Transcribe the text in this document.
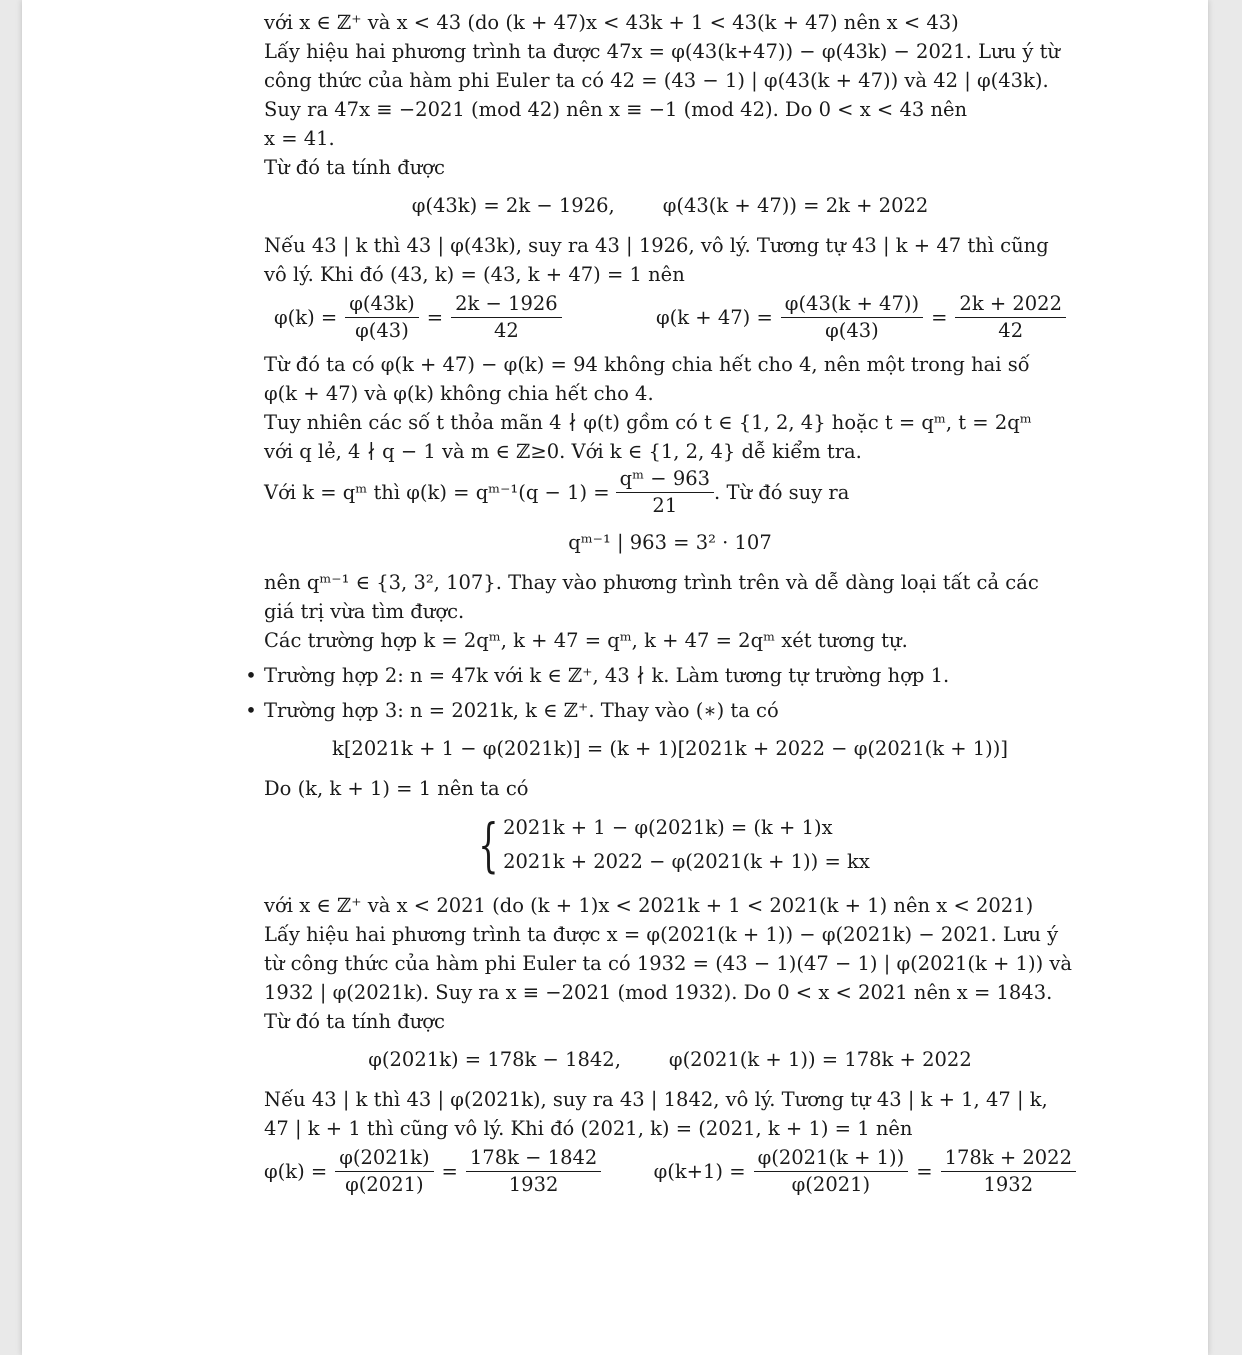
với x ∈ ℤ⁺ và x < 43 (do (k + 47)x < 43k + 1 < 43(k + 47) nên x < 43)

Lấy hiệu hai phương trình ta được 47x = φ(43(k+47)) − φ(43k) − 2021. Lưu ý từ

công thức của hàm phi Euler ta có 42 = (43 − 1) | φ(43(k + 47)) và 42 | φ(43k).

Suy ra 47x ≡ −2021 (mod 42) nên x ≡ −1 (mod 42). Do 0 < x < 43 nên

x = 41.

Từ đó ta tính được

φ(43k) = 2k − 1926, φ(43(k + 47)) = 2k + 2022

Nếu 43 | k thì 43 | φ(43k), suy ra 43 | 1926, vô lý. Tương tự 43 | k + 47 thì cũng

vô lý. Khi đó (43, k) = (43, k + 47) = 1 nên

$\varphi(k) = \frac{\varphi(43k)}{\varphi(43)} = \frac{2k - 1926}{42}$	$\varphi(k + 47) = \frac{\varphi(43(k + 47))}{\varphi(43)} = \frac{2k + 2022}{42}$

Từ đó ta có φ(k + 47) − φ(k) = 94 không chia hết cho 4, nên một trong hai số

φ(k + 47) và φ(k) không chia hết cho 4.

Tuy nhiên các số t thỏa mãn 4 ∤ φ(t) gồm có t ∈ {1, 2, 4} hoặc t = qᵐ, t = 2qᵐ

với q lẻ, 4 ∤ q − 1 và m ∈ ℤ≥0. Với k ∈ {1, 2, 4} dễ kiểm tra.

Với k = qᵐ thì φ(k) = qᵐ⁻¹(q − $1) = \frac{\text{qᵐ − 963}}{21}$ . Từ đó suy ra

qᵐ⁻¹ | 963 = 3² · 107

nên qᵐ⁻¹ ∈ {3, 3², 107}. Thay vào phương trình trên và dễ dàng loại tất cả các

giá trị vừa tìm được.

Các trường hợp k = 2qᵐ, k + 47 = qᵐ, k + 47 = 2qᵐ xét tương tự.

• Trường hợp 2: n = 47k với k ∈ ℤ⁺, 43 ∤ k. Làm tương tự trường hợp 1.

• Trường hợp 3: n = 2021k, k ∈ ℤ⁺. Thay vào (∗) ta có

k[2021k + 1 − φ(2021k)] = (k + 1)[2021k + 2022 − φ(2021(k + 1))]

Do (k, k + 1) = 1 nên ta có

{ 2021k + 1 − φ(2021k) = (k + 1)x
2021k + 2022 − φ(2021(k + 1)) = kx

với x ∈ ℤ⁺ và x < 2021 (do (k + 1)x < 2021k + 1 < 2021(k + 1) nên x < 2021)

Lấy hiệu hai phương trình ta được x = φ(2021(k + 1)) − φ(2021k) − 2021. Lưu ý

từ công thức của hàm phi Euler ta có 1932 = (43 − 1)(47 − 1) | φ(2021(k + 1)) và

1932 | φ(2021k). Suy ra x ≡ −2021 (mod 1932). Do 0 < x < 2021 nên x = 1843.

Từ đó ta tính được

φ(2021k) = 178k − 1842, φ(2021(k + 1)) = 178k + 2022

Nếu 43 | k thì 43 | φ(2021k), suy ra 43 | 1842, vô lý. Tương tự 43 | k + 1, 47 | k,

47 | k + 1 thì cũng vô lý. Khi đó (2021, k) = (2021, k + 1) = 1 nên

$\varphi(k) = \frac{\varphi(2021k)}{\varphi(2021)} = \frac{178k - 1842}{1932}$	$\varphi(k+1) = \frac{\varphi(2021(k + 1))}{\varphi(2021)} = \frac{178k + 2022}{1932}$
